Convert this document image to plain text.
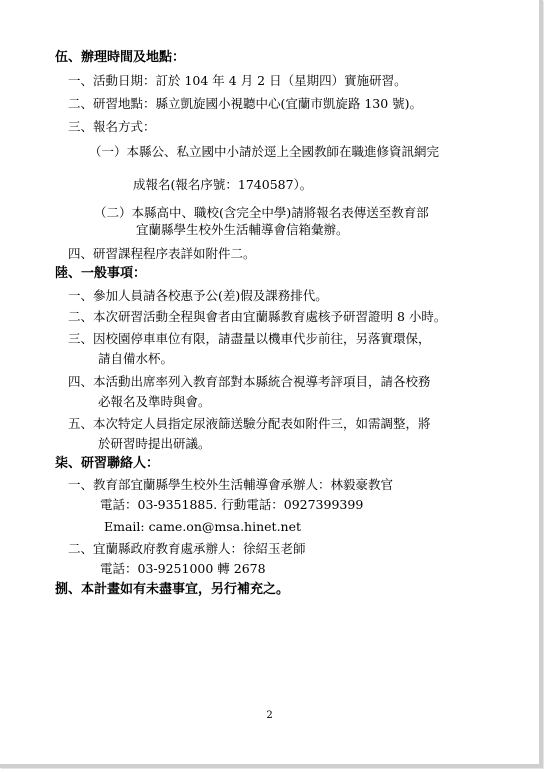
伍、辦理時間及地點：
一、活動日期：訂於 104 年 4 月 2 日（星期四）實施研習。
二、研習地點：縣立凱旋國小視聽中心(宜蘭市凱旋路 130 號)。
三、報名方式：
（一）本縣公、私立國中小請於逕上全國教師在職進修資訊網完
成報名(報名序號：1740587）。
（二）本縣高中、職校(含完全中學)請將報名表傳送至教育部
宜蘭縣學生校外生活輔導會信箱彙辦。
四、研習課程程序表詳如附件二。
陸、一般事項：
一、參加人員請各校惠予公(差)假及課務排代。
二、本次研習活動全程與會者由宜蘭縣教育處核予研習證明 8 小時。
三、因校園停車車位有限，請盡量以機車代步前往，另落實環保，
請自備水杯。
四、本活動出席率列入教育部對本縣統合視導考評項目，請各校務
必報名及準時與會。
五、本次特定人員指定尿液篩送驗分配表如附件三，如需調整，將
於研習時提出研議。
柒、研習聯絡人：
一、教育部宜蘭縣學生校外生活輔導會承辦人：林毅豪教官
電話：03-9351885. 行動電話：0927399399
Email: came.on@msa.hinet.net
二、宜蘭縣政府教育處承辦人：徐紹玉老師
電話：03-9251000 轉 2678
捌、本計畫如有未盡事宜，另行補充之。
2
